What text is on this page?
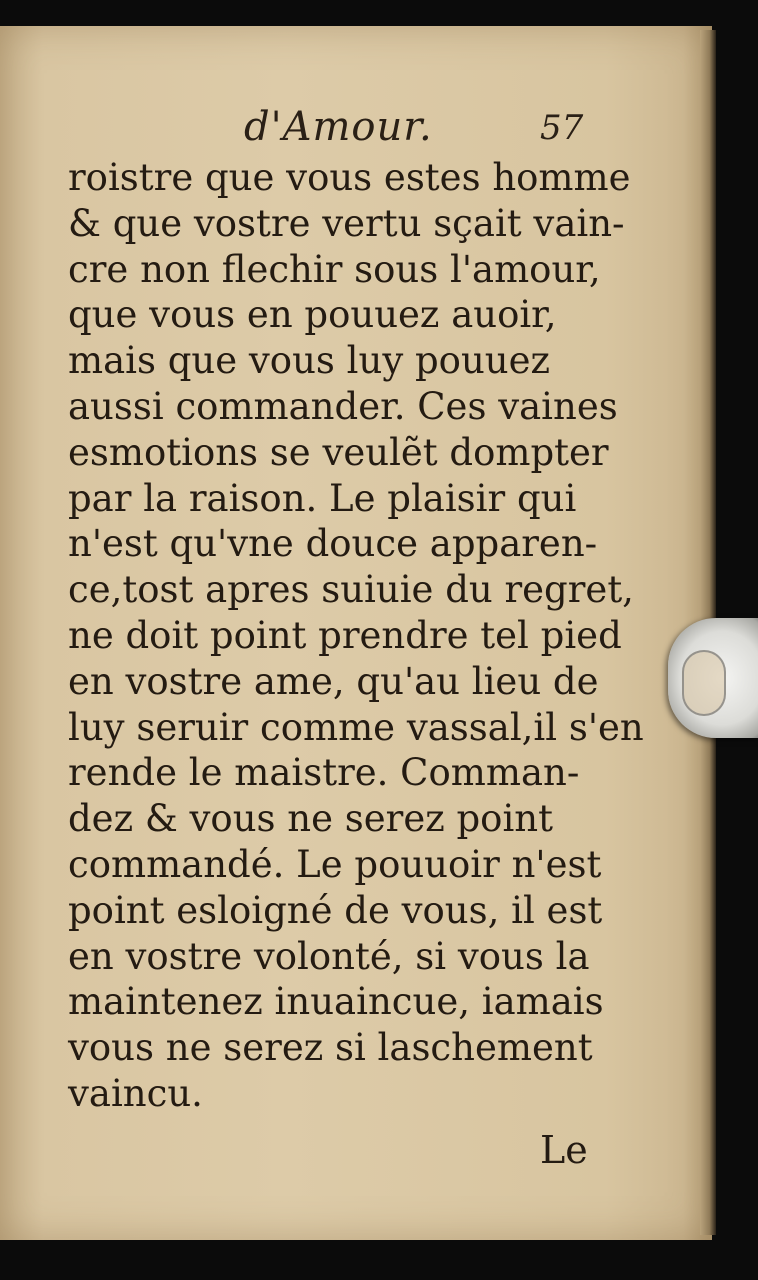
d'Amour.	57
roistre que vous estes homme
& que vostre vertu sçait vain-
cre non flechir sous l'amour,
que vous en pouuez auoir,
mais que vous luy pouuez
aussi commander. Ces vaines
esmotions se veulẽt dompter
par la raison. Le plaisir qui
n'est qu'vne douce apparen-
ce,tost apres suiuie du regret,
ne doit point prendre tel pied
en vostre ame, qu'au lieu de
luy seruir comme vassal,il s'en
rende le maistre. Comman-
dez & vous ne serez point
commandé. Le pouuoir n'est
point esloigné de vous, il est
en vostre volonté, si vous la
maintenez inuaincue, iamais
vous ne serez si laschement
vaincu.
Le
